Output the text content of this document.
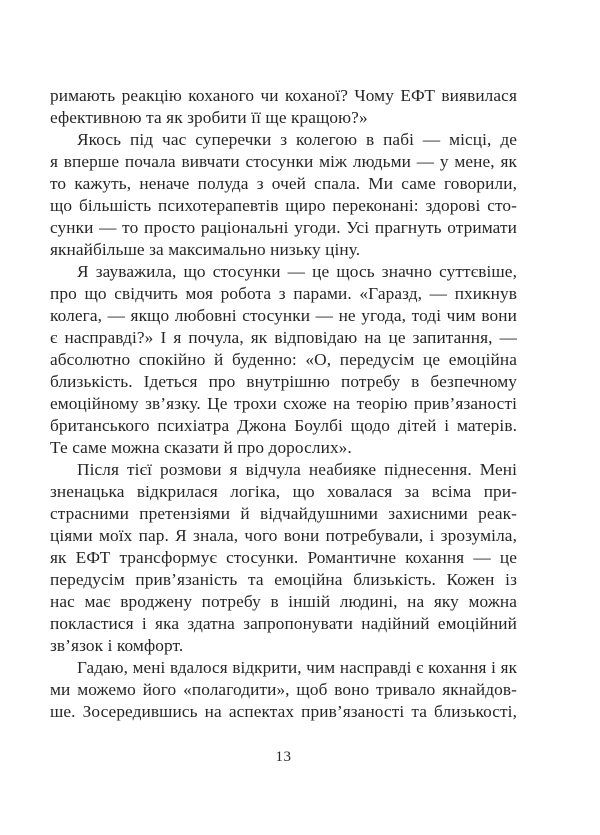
римають реакцію коханого чи коханої? Чому ЕФТ виявилася
ефективною та як зробити її ще кращою?»
Якось під час суперечки з колегою в пабі — місці, де
я вперше почала вивчати стосунки між людьми — у мене, як
то кажуть, неначе полуда з очей спала. Ми саме говорили,
що більшість психотерапевтів щиро переконані: здорові сто-
сунки — то просто раціональні угоди. Усі прагнуть отримати
якнайбільше за максимально низьку ціну.
Я зауважила, що стосунки — це щось значно суттєвіше,
про що свідчить моя робота з парами. «Гаразд, — пхикнув
колега, — якщо любовні стосунки — не угода, тоді чим вони
є насправді?» І я почула, як відповідаю на це запитання, —
абсолютно спокійно й буденно: «О, передусім це емоційна
близькість. Ідеться про внутрішню потребу в безпечному
емоційному зв’язку. Це трохи схоже на теорію прив’язаності
британського психіатра Джона Боулбі щодо дітей і матерів.
Те саме можна сказати й про дорослих».
Після тієї розмови я відчула неабияке піднесення. Мені
зненацька відкрилася логіка, що ховалася за всіма при-
страсними претензіями й відчайдушними захисними реак-
ціями моїх пар. Я знала, чого вони потребували, і зрозуміла,
як ЕФТ трансформує стосунки. Романтичне кохання — це
передусім прив’язаність та емоційна близькість. Кожен із
нас має вроджену потребу в іншій людині, на яку можна
покластися і яка здатна запропонувати надійний емоційний
зв’язок і комфорт.
Гадаю, мені вдалося відкрити, чим насправді є кохання і як
ми можемо його «полагодити», щоб воно тривало якнайдов-
ше. Зосередившись на аспектах прив’язаності та близькості,
13
